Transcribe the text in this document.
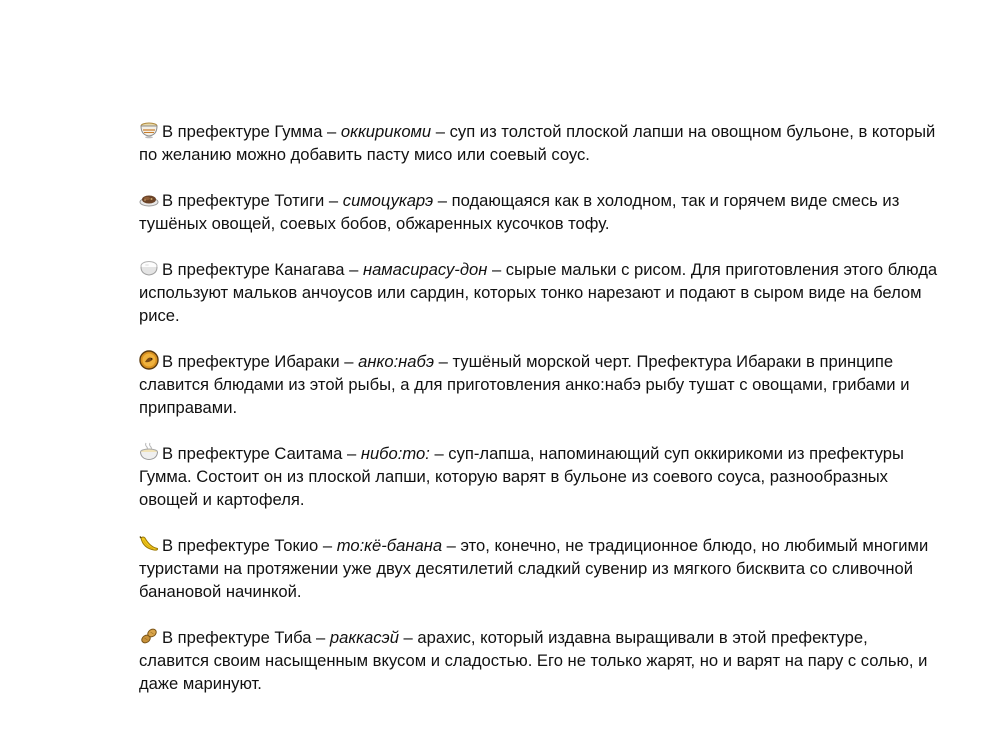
В префектуре Гумма – оккирикоми – суп из толстой плоской лапши на овощном бульоне, в который по желанию можно добавить пасту мисо или соевый соус.

В префектуре Тотиги – симоцукарэ – подающаяся как в холодном, так и горячем виде смесь из тушёных овощей, соевых бобов, обжаренных кусочков тофу.

В префектуре Канагава – намасирасу-дон – сырые мальки с рисом. Для приготовления этого блюда используют мальков анчоусов или сардин, которых тонко нарезают и подают в сыром виде на белом рисе.

В префектуре Ибараки – анко:набэ – тушёный морской черт. Префектура Ибараки в принципе славится блюдами из этой рыбы, а для приготовления анко:набэ рыбу тушат с овощами, грибами и приправами.

В префектуре Саитама – нибо:то: – суп-лапша, напоминающий суп оккирикоми из префектуры Гумма. Состоит он из плоской лапши, которую варят в бульоне из соевого соуса, разнообразных овощей и картофеля.

В префектуре Токио – то:кё-банана – это, конечно, не традиционное блюдо, но любимый многими туристами на протяжении уже двух десятилетий сладкий сувенир из мягкого бисквита со сливочной банановой начинкой.

В префектуре Тиба – раккасэй – арахис, который издавна выращивали в этой префектуре, славится своим насыщенным вкусом и сладостью. Его не только жарят, но и варят на пару с солью, и даже маринуют.
